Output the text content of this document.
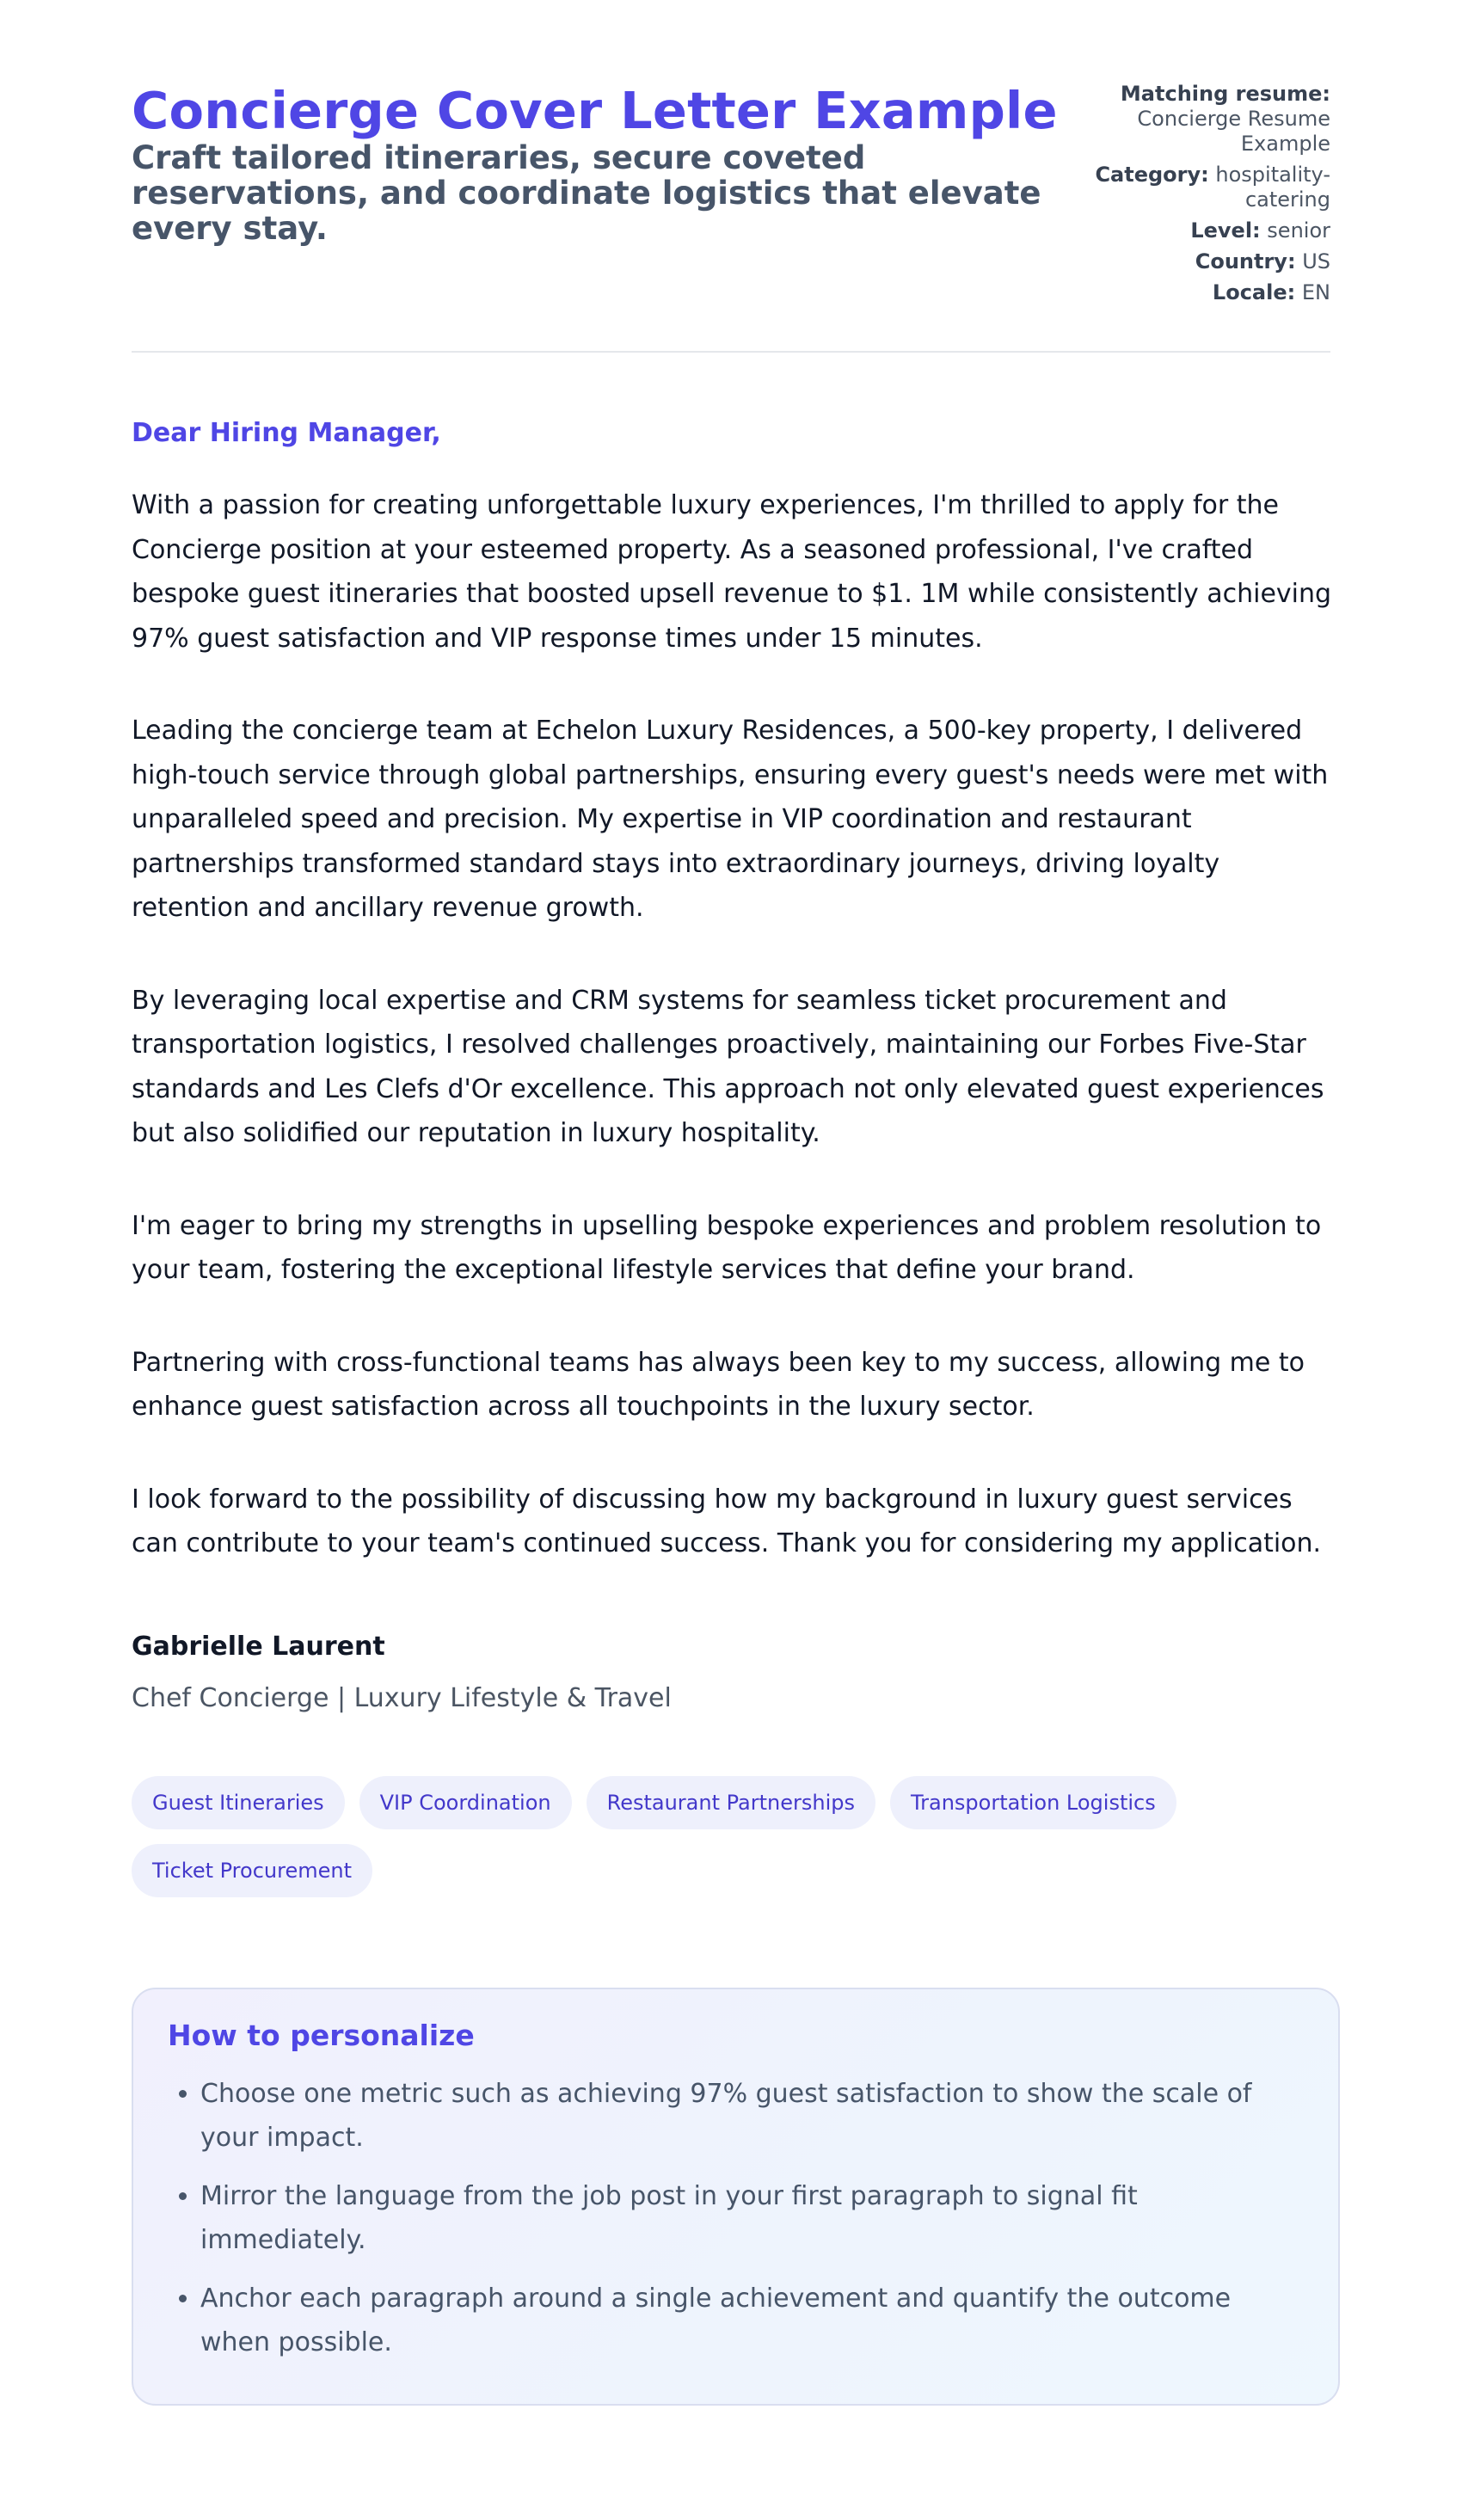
Concierge Cover Letter Example

Craft tailored itineraries, secure coveted reservations, and coordinate logistics that elevate every stay.

Matching resume:
Concierge Resume Example
Category: hospitality-catering
Level: senior
Country: US
Locale: EN

Dear Hiring Manager,

With a passion for creating unforgettable luxury experiences, I'm thrilled to apply for the Concierge position at your esteemed property. As a seasoned professional, I've crafted bespoke guest itineraries that boosted upsell revenue to $1. 1M while consistently achieving 97% guest satisfaction and VIP response times under 15 minutes.

Leading the concierge team at Echelon Luxury Residences, a 500-key property, I delivered high-touch service through global partnerships, ensuring every guest's needs were met with unparalleled speed and precision. My expertise in VIP coordination and restaurant partnerships transformed standard stays into extraordinary journeys, driving loyalty retention and ancillary revenue growth.

By leveraging local expertise and CRM systems for seamless ticket procurement and transportation logistics, I resolved challenges proactively, maintaining our Forbes Five-Star standards and Les Clefs d'Or excellence. This approach not only elevated guest experiences but also solidified our reputation in luxury hospitality.

I'm eager to bring my strengths in upselling bespoke experiences and problem resolution to your team, fostering the exceptional lifestyle services that define your brand.

Partnering with cross-functional teams has always been key to my success, allowing me to enhance guest satisfaction across all touchpoints in the luxury sector.

I look forward to the possibility of discussing how my background in luxury guest services can contribute to your team's continued success. Thank you for considering my application.

Gabrielle Laurent

Chef Concierge | Luxury Lifestyle & Travel

Guest Itineraries	VIP Coordination	Restaurant Partnerships	Transportation Logistics
Ticket Procurement
How to personalize
• Choose one metric such as achieving 97% guest satisfaction to show the scale of your impact.
• Mirror the language from the job post in your first paragraph to signal fit immediately.
• Anchor each paragraph around a single achievement and quantify the outcome when possible.
